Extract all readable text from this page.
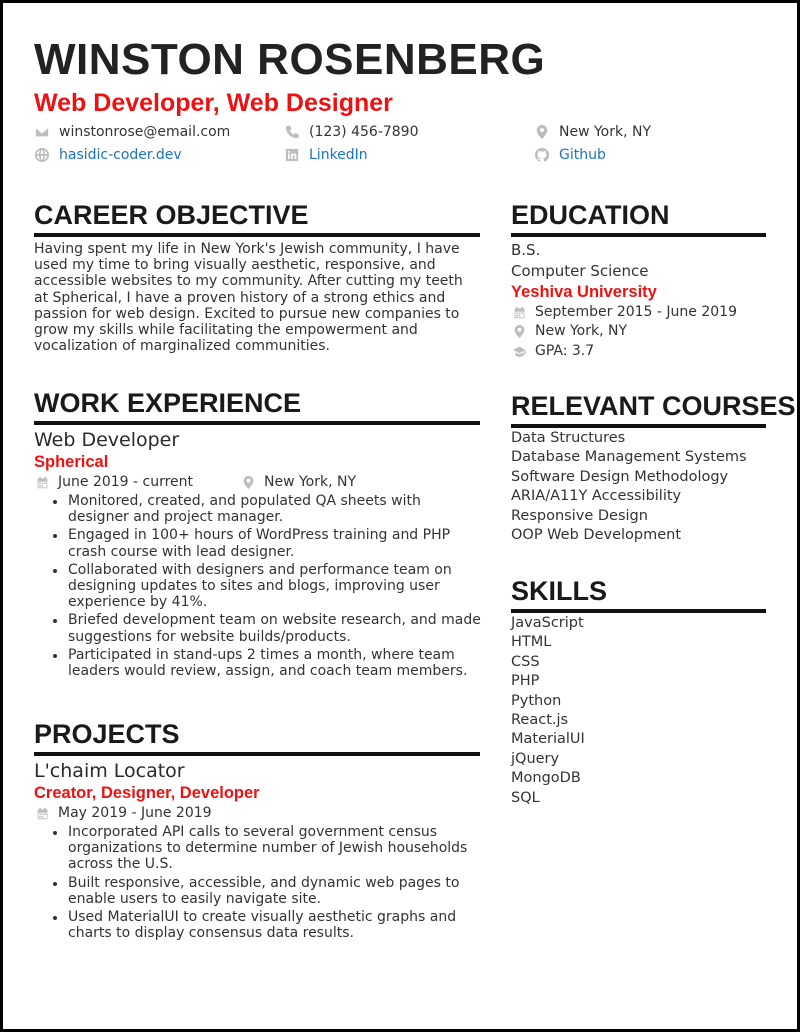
WINSTON ROSENBERG
Web Developer, Web Designer
winstonrose@email.com	(123) 456-7890	New York, NY
hasidic-coder.dev	LinkedIn	Github
CAREER OBJECTIVE
Having spent my life in New York's Jewish community, I have used my time to bring visually aesthetic, responsive, and accessible websites to my community. After cutting my teeth at Spherical, I have a proven history of a strong ethics and passion for web design. Excited to pursue new companies to grow my skills while facilitating the empowerment and vocalization of marginalized communities.
WORK EXPERIENCE
Web Developer
Spherical
June 2019 - current	New York, NY
Monitored, created, and populated QA sheets with designer and project manager.
Engaged in 100+ hours of WordPress training and PHP crash course with lead designer.
Collaborated with designers and performance team on designing updates to sites and blogs, improving user experience by 41%.
Briefed development team on website research, and made suggestions for website builds/products.
Participated in stand-ups 2 times a month, where team leaders would review, assign, and coach team members.
PROJECTS
L'chaim Locator
Creator, Designer, Developer
May 2019 - June 2019
Incorporated API calls to several government census organizations to determine number of Jewish households across the U.S.
Built responsive, accessible, and dynamic web pages to enable users to easily navigate site.
Used MaterialUI to create visually aesthetic graphs and charts to display consensus data results.
EDUCATION
B.S.
Computer Science
Yeshiva University
September 2015 - June 2019
New York, NY
GPA: 3.7
RELEVANT COURSES
Data Structures
Database Management Systems
Software Design Methodology
ARIA/A11Y Accessibility
Responsive Design
OOP Web Development
SKILLS
JavaScript
HTML
CSS
PHP
Python
React.js
MaterialUI
jQuery
MongoDB
SQL
